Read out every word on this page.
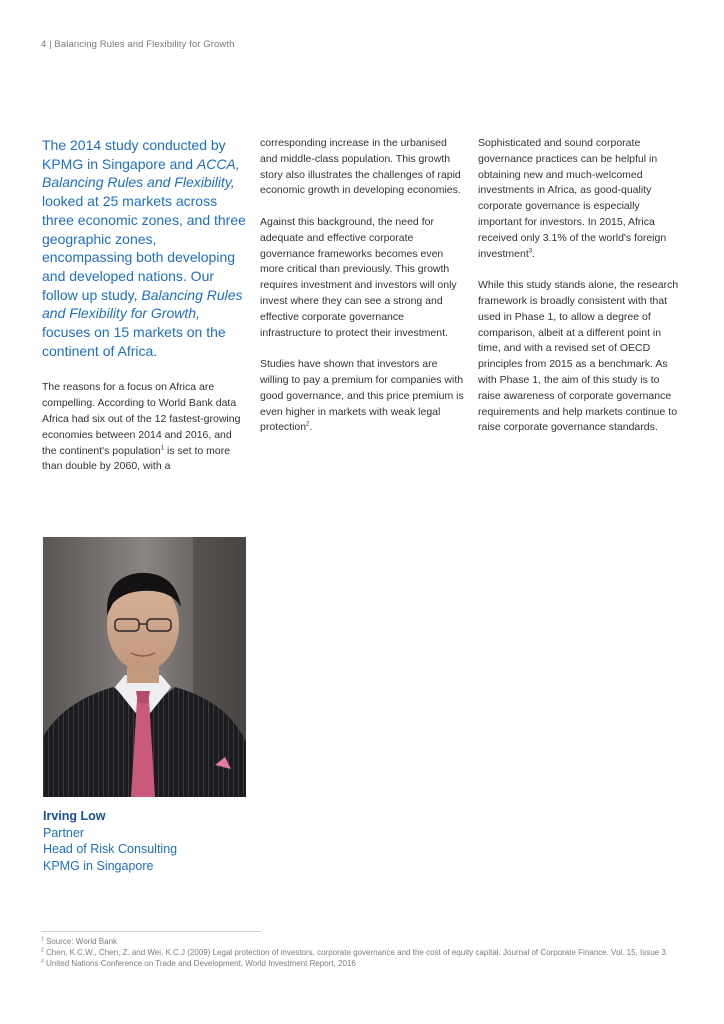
4 | Balancing Rules and Flexibility for Growth

The 2014 study conducted by KPMG in Singapore and ACCA, Balancing Rules and Flexibility, looked at 25 markets across three economic zones, and three geographic zones, encompassing both developing and developed nations. Our follow up study, Balancing Rules and Flexibility for Growth, focuses on 15 markets on the continent of Africa.

The reasons for a focus on Africa are compelling. According to World Bank data Africa had six out of the 12 fastest-growing economies between 2014 and 2016, and the continent's population$^1$ is set to more than double by 2060, with a

corresponding increase in the urbanised and middle-class population. This growth story also illustrates the challenges of rapid economic growth in developing economies.

Against this background, the need for adequate and effective corporate governance frameworks becomes even more critical than previously. This growth requires investment and investors will only invest where they can see a strong and effective corporate governance infrastructure to protect their investment.

Studies have shown that investors are willing to pay a premium for companies with good governance, and this price premium is even higher in markets with weak legal protection$^2$.

Sophisticated and sound corporate governance practices can be helpful in obtaining new and much-welcomed investments in Africa, as good-quality corporate governance is especially important for investors. In 2015, Africa received only 3.1% of the world's foreign investment$^3$.

While this study stands alone, the research framework is broadly consistent with that used in Phase 1, to allow a degree of comparison, albeit at a different point in time, and with a revised set of OECD principles from 2015 as a benchmark. As with Phase 1, the aim of this study is to raise awareness of corporate governance requirements and help markets continue to raise corporate governance standards.

Irving Low
Partner
Head of Risk Consulting
KPMG in Singapore
$^1$ Source: World Bank
$^2$ Chen, K.C.W., Chen, Z. and Wei, K.C.J (2009) Legal protection of investors, corporate governance and the cost of equity capital. Journal of Corporate Finance. Vol. 15, Issue 3.
$^3$ United Nations Conference on Trade and Development, World Investment Report, 2016
